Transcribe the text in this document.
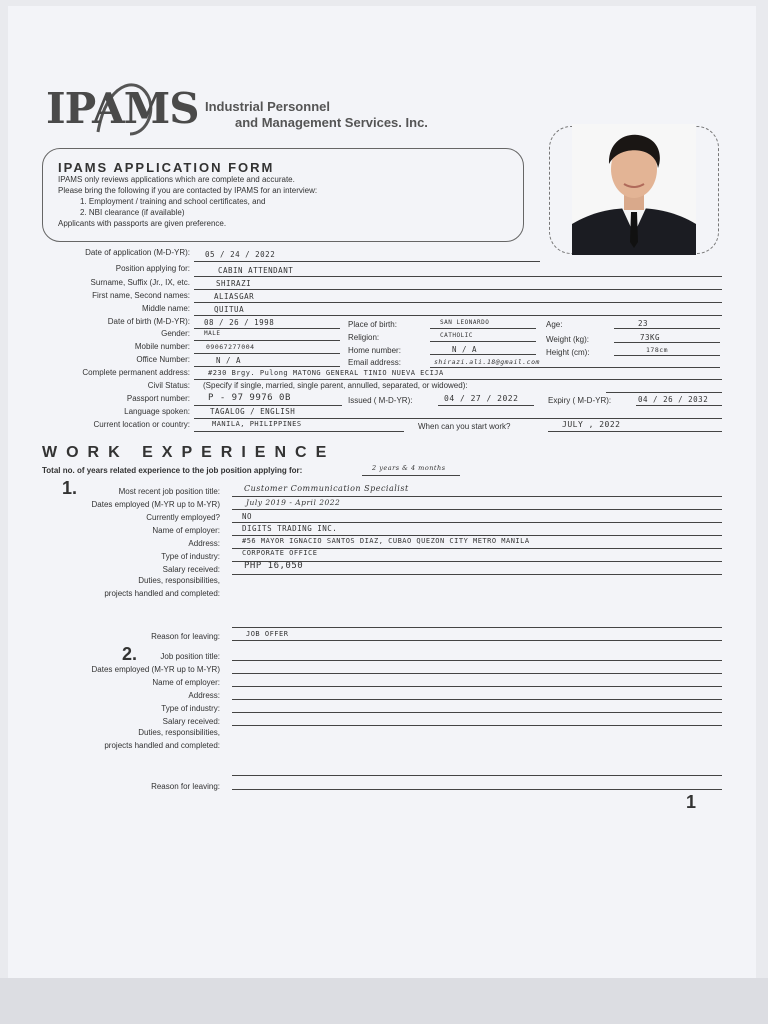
IPAMS Industrial Personnel
and Management Services. Inc.
IPAMS APPLICATION FORM
IPAMS only reviews applications which are complete and accurate.
Please bring the following if you are contacted by IPAMS for an interview:
1. Employment / training and school certificates, and
2. NBI clearance (if available)
Applicants with passports are given preference.
Date of application (M-D-YR): 05 / 24 / 2022
Position applying for:	CABIN ATTENDANT
Surname, Suffix (Jr., IX, etc.	SHIRAZI
First name, Second names:	ALIASGAR
Middle name:	QUITUA
Date of birth (M-D-YR): 08 / 26 / 1998	Place of birth:	SAN LEONARDO	Age:	23
Gender: MALE	Religion:	CATHOLIC	Weight (kg):	73KG
Mobile number: 09067277004	Home number:	N / A	Height (cm):	178cm
Office Number:	N / A	Email address:	shirazi.ali.18@gmail.com
Complete permanent address:	#230 Brgy. Pulong MATONG GENERAL TINIO NUEVA ECIJA
Civil Status: (Specify if single, married, single parent, annulled, separated, or widowed):
Passport number: P - 97 9976 0B	Issued ( M-D-YR):	04 / 27 / 2022	Expiry ( M-D-YR):	04 / 26 / 2032
Language spoken:	TAGALOG / ENGLISH
Current location or country:	MANILA, PHILIPPINES	When can you start work?	JULY , 2022
WORK EXPERIENCE
Total no. of years related experience to the job position applying for:	2 years & 4 months
1.	Most recent job position title:	Customer Communication Specialist
Dates employed (M-YR up to M-YR)	July 2019 - April 2022
Currently employed?	NO
Name of employer:	DIGITS TRADING INC.
Address:	#56 MAYOR IGNACIO SANTOS DIAZ, CUBAO QUEZON CITY METRO MANILA
Type of industry:	CORPORATE OFFICE
Salary received:	PHP 16,050
Duties, responsibilities,
projects handled and completed:
Reason for leaving:	JOB OFFER
2.	Job position title:
Dates employed (M-YR up to M-YR)
Name of employer:
Address:
Type of industry:
Salary received:
Duties, responsibilities,
projects handled and completed:
Reason for leaving:
1
